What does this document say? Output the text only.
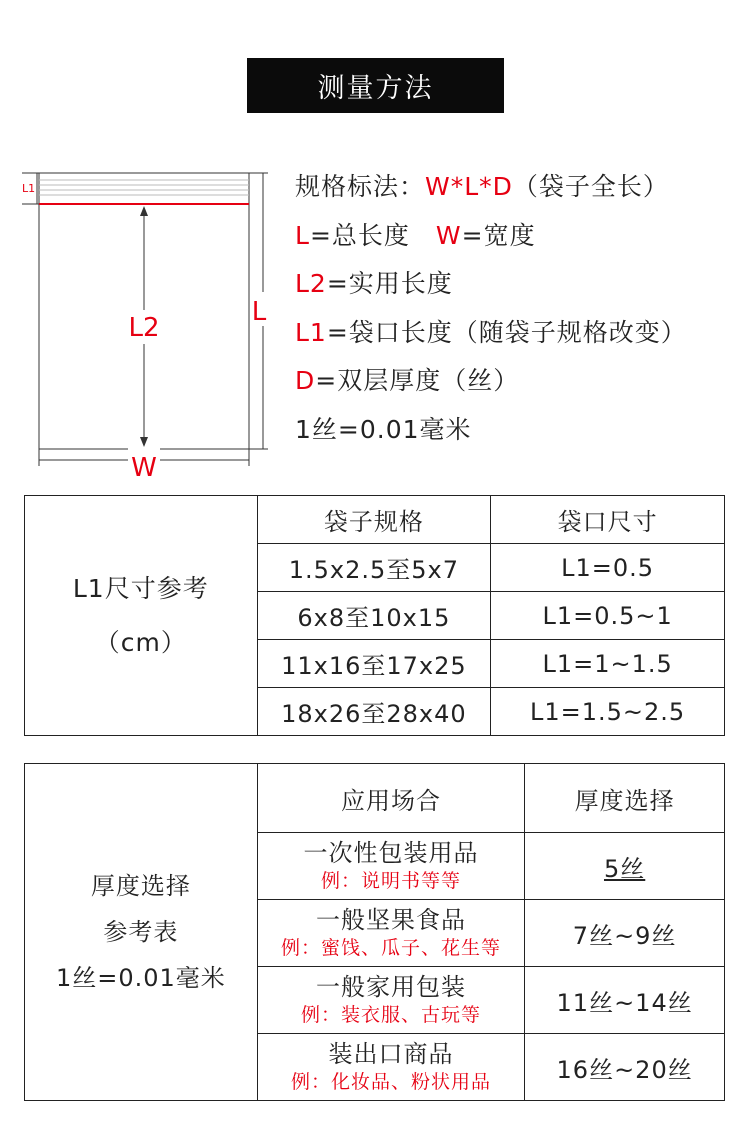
测量方法
L1
L2
L
W
规格标法：W*L*D（袋子全长）
L=总长度 W=宽度
L2=实用长度
L1=袋口长度（随袋子规格改变）
D=双层厚度（丝）
1丝=0.01毫米
L1尺寸参考
（cm）	袋子规格	袋口尺寸
	1.5x2.5至5x7	L1=0.5
	6x8至10x15	L1=0.5~1
	11x16至17x25	L1=1~1.5
	18x26至28x40	L1=1.5~2.5
厚度选择
参考表
1丝=0.01毫米	应用场合	厚度选择

	一次性包装用品
例：说明书等等	5丝

	一般坚果食品
例：蜜饯、瓜子、花生等	7丝~9丝

	一般家用包装
例：装衣服、古玩等	11丝~14丝

	装出口商品
例：化妆品、粉状用品	16丝~20丝
